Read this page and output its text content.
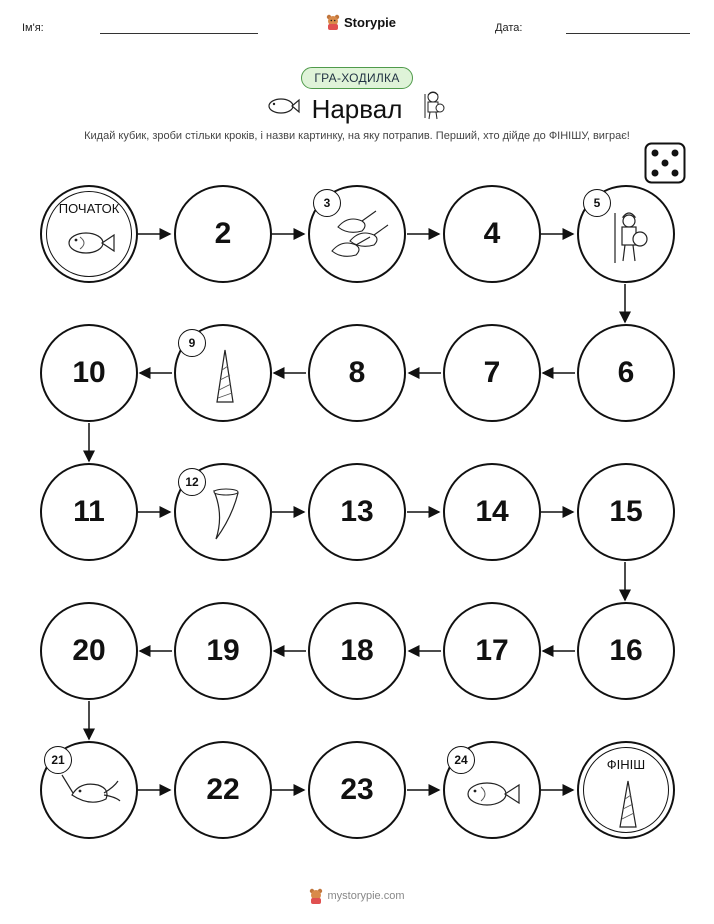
Ім'я:	Storypie	Дата:
ГРА-ХОДИЛКА
Нарвал
Кидай кубик, зроби стільки кроків, і назви картинку, на яку потрапив. Перший, хто дійде до ФІНІШУ, виграє!
ПОЧАТОК
2
3
4
5
6
7
8
9
10
11
12
13	14	15
16
17
18
19
20
21
22	23
24	ФІНІШ
mystorypie.com
